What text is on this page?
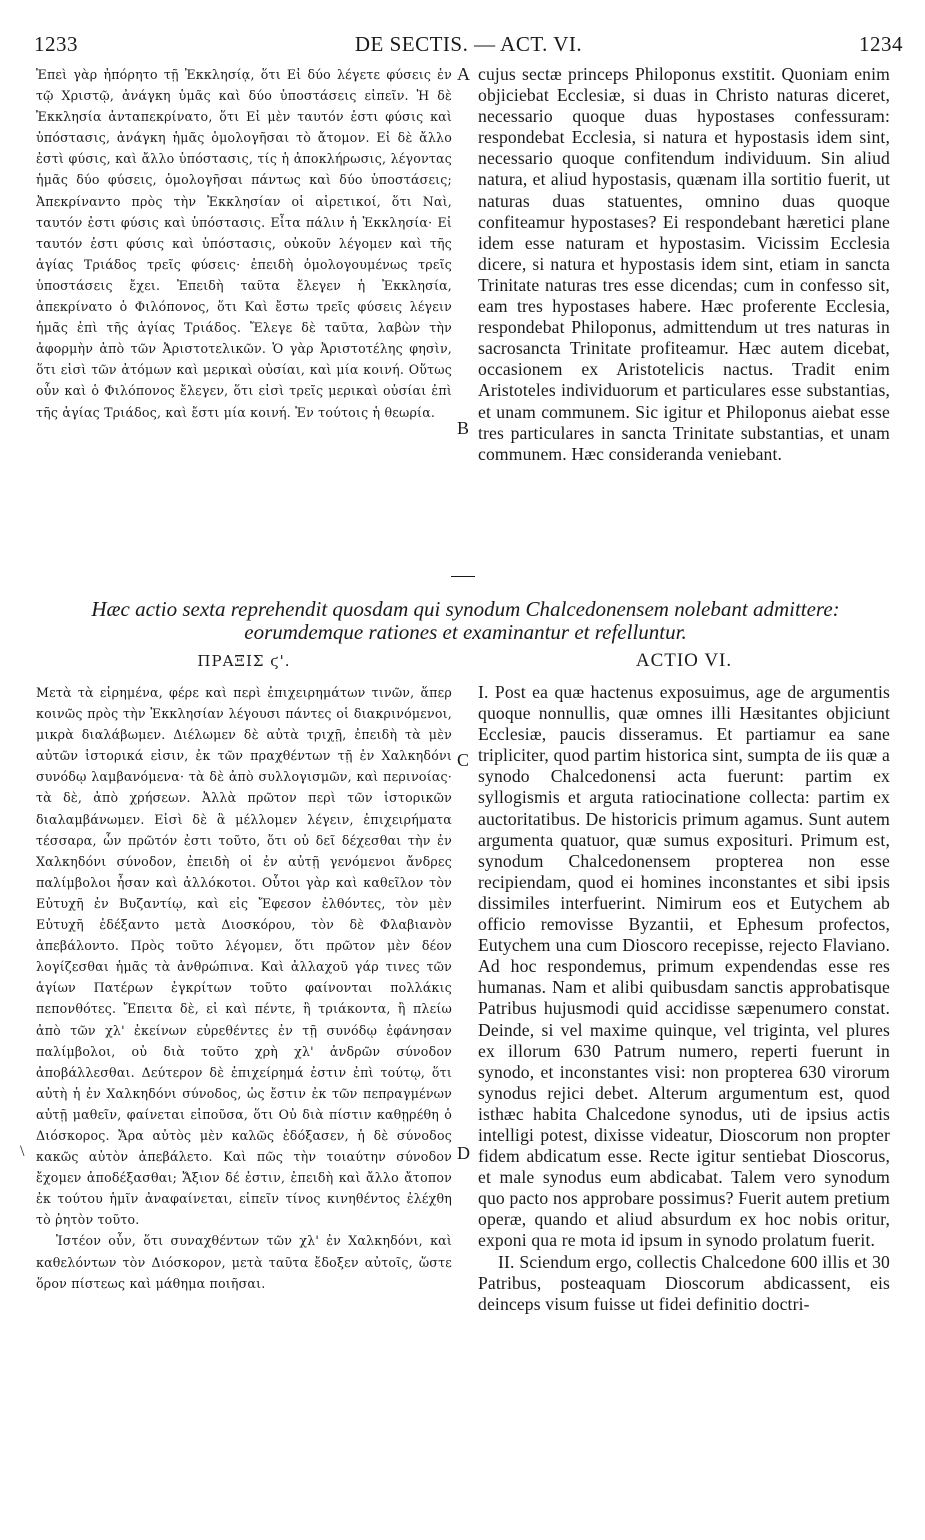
1233	DE SECTIS. — ACT. VI.	1234

Ἐπεὶ γὰρ ἠπόρητο τῇ Ἐκκλησίᾳ, ὅτι Εἰ δύο λέγετε φύσεις ἐν τῷ Χριστῷ, ἀνάγκη ὑμᾶς καὶ δύο ὑποστάσεις εἰπεῖν. Ἡ δὲ Ἐκκλησία ἀνταπεκρίνατο, ὅτι Εἰ μὲν ταυτόν ἐστι φύσις καὶ ὑπόστασις, ἀνάγκη ἡμᾶς ὁμολογῆσαι τὸ ἄτομον. Εἰ δὲ ἄλλο ἐστὶ φύσις, καὶ ἄλλο ὑπόστασις, τίς ἡ ἀποκλήρωσις, λέγοντας ἡμᾶς δύο φύσεις, ὁμολογῆσαι πάντως καὶ δύο ὑποστάσεις; Ἀπεκρίναντο πρὸς τὴν Ἐκκλησίαν οἱ αἱρετικοί, ὅτι Ναὶ, ταυτόν ἐστι φύσις καὶ ὑπόστασις. Εἶτα πάλιν ἡ Ἐκκλησία· Εἰ ταυτόν ἐστι φύσις καὶ ὑπόστασις, οὐκοῦν λέγομεν καὶ τῆς ἁγίας Τριάδος τρεῖς φύσεις· ἐπειδὴ ὁμολογουμένως τρεῖς ὑποστάσεις ἔχει. Ἐπειδὴ ταῦτα ἔλεγεν ἡ Ἐκκλησία, ἀπεκρίνατο ὁ Φιλόπονος, ὅτι Καὶ ἔστω τρεῖς φύσεις λέγειν ἡμᾶς ἐπὶ τῆς ἁγίας Τριάδος. Ἔλεγε δὲ ταῦτα, λαβὼν τὴν ἀφορμὴν ἀπὸ τῶν Ἀριστοτελικῶν. Ὁ γὰρ Ἀριστοτέλης φησὶν, ὅτι εἰσὶ τῶν ἀτόμων καὶ μερικαὶ οὐσίαι, καὶ μία κοινή. Οὕτως οὖν καὶ ὁ Φιλόπονος ἔλεγεν, ὅτι εἰσὶ τρεῖς μερικαὶ οὐσίαι ἐπὶ τῆς ἁγίας Τριάδος, καὶ ἔστι μία κοινή. Ἐν τούτοις ἡ θεωρία.

A
B

cujus sectæ princeps Philoponus exstitit. Quoniam enim objiciebat Ecclesiæ, si duas in Christo naturas diceret, necessario quoque duas hypostases confessuram: respondebat Ecclesia, si natura et hypostasis idem sint, necessario quoque confitendum individuum. Sin aliud natura, et aliud hypostasis, quænam illa sortitio fuerit, ut naturas duas statuentes, omnino duas quoque confiteamur hypostases? Ei respondebant hæretici plane idem esse naturam et hypostasim. Vicissim Ecclesia dicere, si natura et hypostasis idem sint, etiam in sancta Trinitate naturas tres esse dicendas; cum in confesso sit, eam tres hypostases habere. Hæc proferente Ecclesia, respondebat Philoponus, admittendum ut tres naturas in sacrosancta Trinitate profiteamur. Hæc autem dicebat, occasionem ex Aristotelicis nactus. Tradit enim Aristoteles individuorum et particulares esse substantias, et unam communem. Sic igitur et Philoponus aiebat esse tres particulares in sancta Trinitate substantias, et unam communem. Hæc consideranda veniebant.

Hæc actio sexta reprehendit quosdam qui synodum Chalcedonensem nolebant admittere:
eorumdemque rationes et examinantur et refelluntur.
ΠΡΑΞΙΣ ϛ'.	ACTIO VI.

Μετὰ τὰ εἰρημένα, φέρε καὶ περὶ ἐπιχειρημάτων τινῶν, ἅπερ κοινῶς πρὸς τὴν Ἐκκλησίαν λέγουσι πάντες οἱ διακρινόμενοι, μικρὰ διαλάβωμεν. Διέλωμεν δὲ αὐτὰ τριχῇ, ἐπειδὴ τὰ μὲν αὐτῶν ἱστορικά εἰσιν, ἐκ τῶν πραχθέντων τῇ ἐν Χαλκηδόνι συνόδῳ λαμβανόμενα· τὰ δὲ ἀπὸ συλλογισμῶν, καὶ περινοίας· τὰ δὲ, ἀπὸ χρήσεων. Ἀλλὰ πρῶτον περὶ τῶν ἱστορικῶν διαλαμβάνωμεν. Εἰσὶ δὲ ἃ μέλλομεν λέγειν, ἐπιχειρήματα τέσσαρα, ὧν πρῶτόν ἐστι τοῦτο, ὅτι οὐ δεῖ δέχεσθαι τὴν ἐν Χαλκηδόνι σύνοδον, ἐπειδὴ οἱ ἐν αὐτῇ γενόμενοι ἄνδρες παλίμβολοι ἦσαν καὶ ἀλλόκοτοι. Οὗτοι γὰρ καὶ καθεῖλον τὸν Εὐτυχῆ ἐν Βυζαντίῳ, καὶ εἰς Ἔφεσον ἐλθόντες, τὸν μὲν Εὐτυχῆ ἐδέξαντο μετὰ Διοσκόρου, τὸν δὲ Φλαβιανὸν ἀπεβάλοντο. Πρὸς τοῦτο λέγομεν, ὅτι πρῶτον μὲν δέον λογίζεσθαι ἡμᾶς τὰ ἀνθρώπινα. Καὶ ἀλλαχοῦ γάρ τινες τῶν ἁγίων Πατέρων ἐγκρίτων τοῦτο φαίνονται πολλάκις πεπονθότες. Ἔπειτα δὲ, εἰ καὶ πέντε, ἢ τριάκοντα, ἢ πλείω ἀπὸ τῶν χλ' ἐκείνων εὑρεθέντες ἐν τῇ συνόδῳ ἐφάνησαν παλίμβολοι, οὐ διὰ τοῦτο χρὴ χλ' ἀνδρῶν σύνοδον ἀποβάλλεσθαι. Δεύτερον δὲ ἐπιχείρημά ἐστιν ἐπὶ τούτῳ, ὅτι αὐτὴ ἡ ἐν Χαλκηδόνι σύνοδος, ὡς ἔστιν ἐκ τῶν πεπραγμένων αὐτῇ μαθεῖν, φαίνεται εἰποῦσα, ὅτι Οὐ διὰ πίστιν καθῃρέθη ὁ Διόσκορος. Ἄρα αὐτὸς μὲν καλῶς ἐδόξασεν, ἡ δὲ σύνοδος κακῶς αὐτὸν ἀπεβάλετο. Καὶ πῶς τὴν τοιαύτην σύνοδον ἔχομεν ἀποδέξασθαι; Ἄξιον δέ ἐστιν, ἐπειδὴ καὶ ἄλλο ἄτοπον ἐκ τούτου ἡμῖν ἀναφαίνεται, εἰπεῖν τίνος κινηθέντος ἐλέχθη τὸ ῥητὸν τοῦτο.

Ἰστέον οὖν, ὅτι συναχθέντων τῶν χλ' ἐν Χαλκηδόνι, καὶ καθελόντων τὸν Διόσκορον, μετὰ ταῦτα ἔδοξεν αὐτοῖς, ὥστε ὅρον πίστεως καὶ μάθημα ποιῆσαι.

C
D
\

I. Post ea quæ hactenus exposuimus, age de argumentis quoque nonnullis, quæ omnes illi Hæsitantes objiciunt Ecclesiæ, paucis disseramus. Et partiamur ea sane tripliciter, quod partim historica sint, sumpta de iis quæ a synodo Chalcedonensi acta fuerunt: partim ex syllogismis et arguta ratiocinatione collecta: partim ex auctoritatibus. De historicis primum agamus. Sunt autem argumenta quatuor, quæ sumus exposituri. Primum est, synodum Chalcedonensem propterea non esse recipiendam, quod ei homines inconstantes et sibi ipsis dissimiles interfuerint. Nimirum eos et Eutychem ab officio removisse Byzantii, et Ephesum profectos, Eutychem una cum Dioscoro recepisse, rejecto Flaviano. Ad hoc respondemus, primum expendendas esse res humanas. Nam et alibi quibusdam sanctis approbatisque Patribus hujusmodi quid accidisse sæpenumero constat. Deinde, si vel maxime quinque, vel triginta, vel plures ex illorum 630 Patrum numero, reperti fuerunt in synodo, et inconstantes visi: non propterea 630 virorum synodus rejici debet. Alterum argumentum est, quod isthæc habita Chalcedone synodus, uti de ipsius actis intelligi potest, dixisse videatur, Dioscorum non propter fidem abdicatum esse. Recte igitur sentiebat Dioscorus, et male synodus eum abdicabat. Talem vero synodum quo pacto nos approbare possimus? Fuerit autem pretium operæ, quando et aliud absurdum ex hoc nobis oritur, exponi qua re mota id ipsum in synodo prolatum fuerit.

II. Sciendum ergo, collectis Chalcedone 600 illis et 30 Patribus, posteaquam Dioscorum abdicassent, eis deinceps visum fuisse ut fidei definitio doctri-
